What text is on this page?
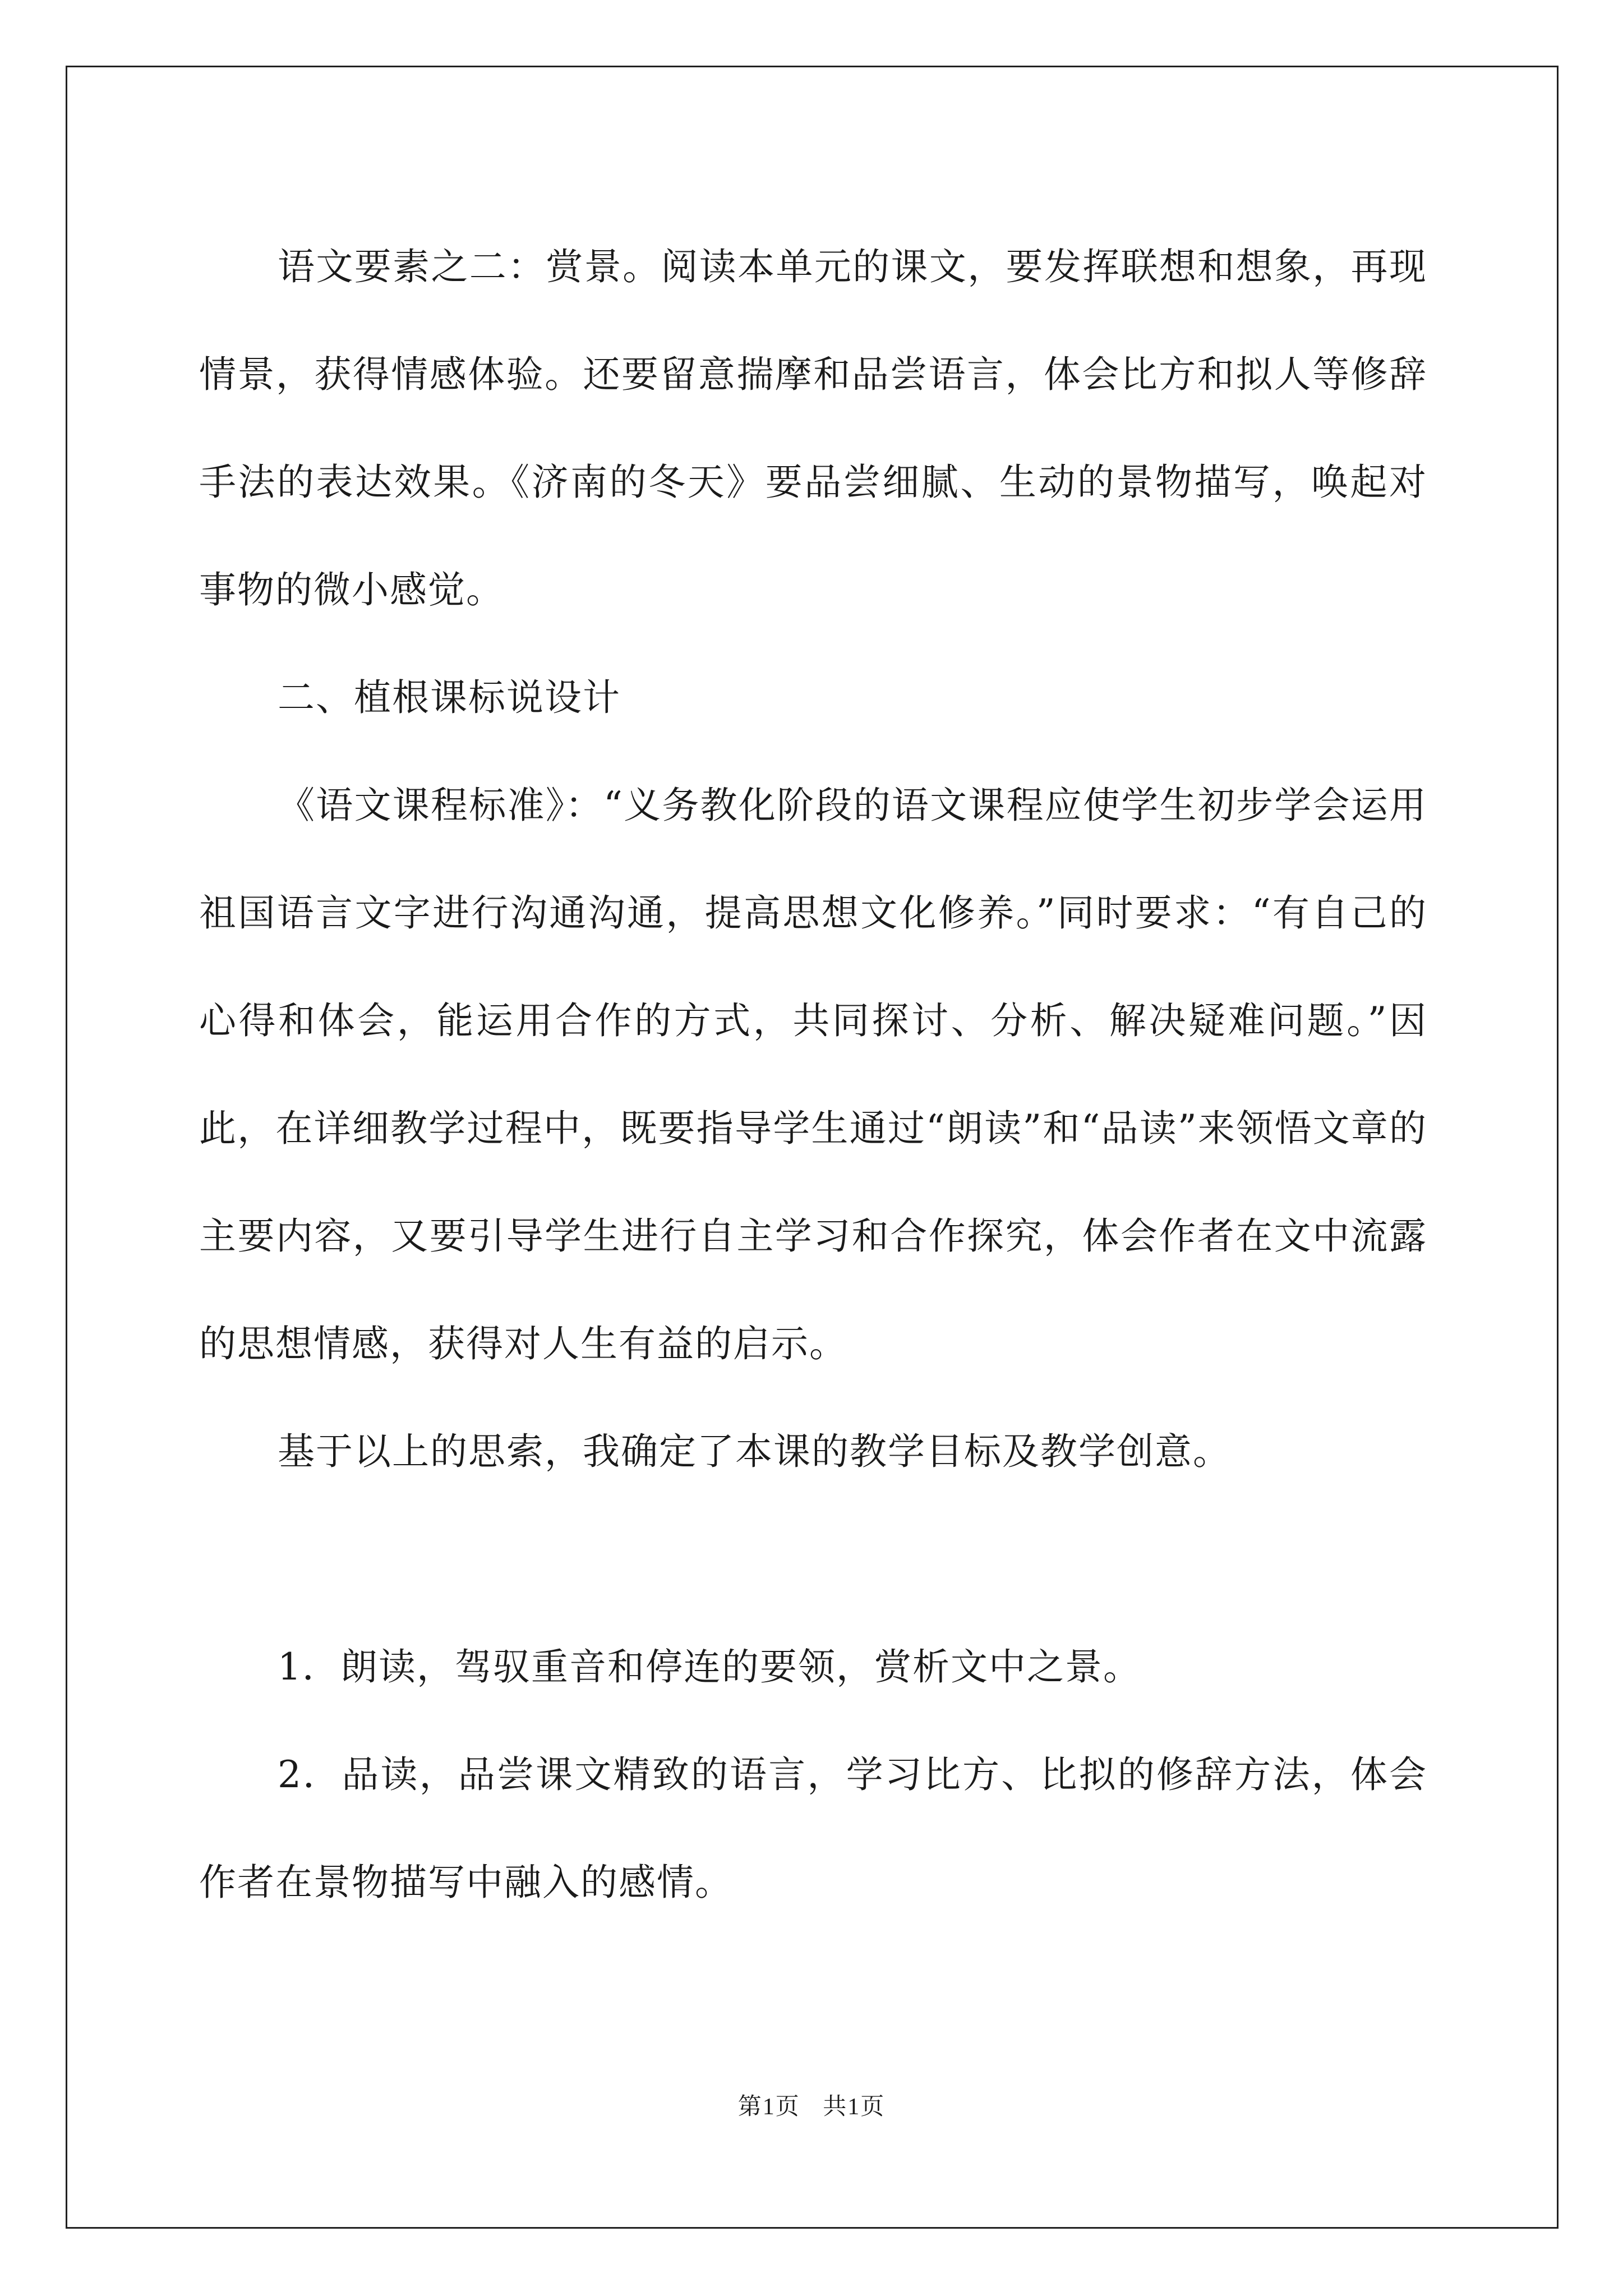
语文要素之二：赏景。阅读本单元的课文，要发挥联想和想象，再现情景，获得情感体验。还要留意揣摩和品尝语言，体会比方和拟人等修辞手法的表达效果。《济南的冬天》要品尝细腻、生动的景物描写，唤起对事物的微小感觉。

二、植根课标说设计

《语文课程标准》：“义务教化阶段的语文课程应使学生初步学会运用祖国语言文字进行沟通沟通，提高思想文化修养。”同时要求：“有自己的心得和体会，能运用合作的方式，共同探讨、分析、解决疑难问题。”因此，在详细教学过程中，既要指导学生通过“朗读”和“品读”来领悟文章的主要内容，又要引导学生进行自主学习和合作探究，体会作者在文中流露的思想情感，获得对人生有益的启示。

基于以上的思索，我确定了本课的教学目标及教学创意。

1．朗读，驾驭重音和停连的要领，赏析文中之景。

2．品读，品尝课文精致的语言，学习比方、比拟的修辞方法，体会作者在景物描写中融入的感情。

第1页 共1页
